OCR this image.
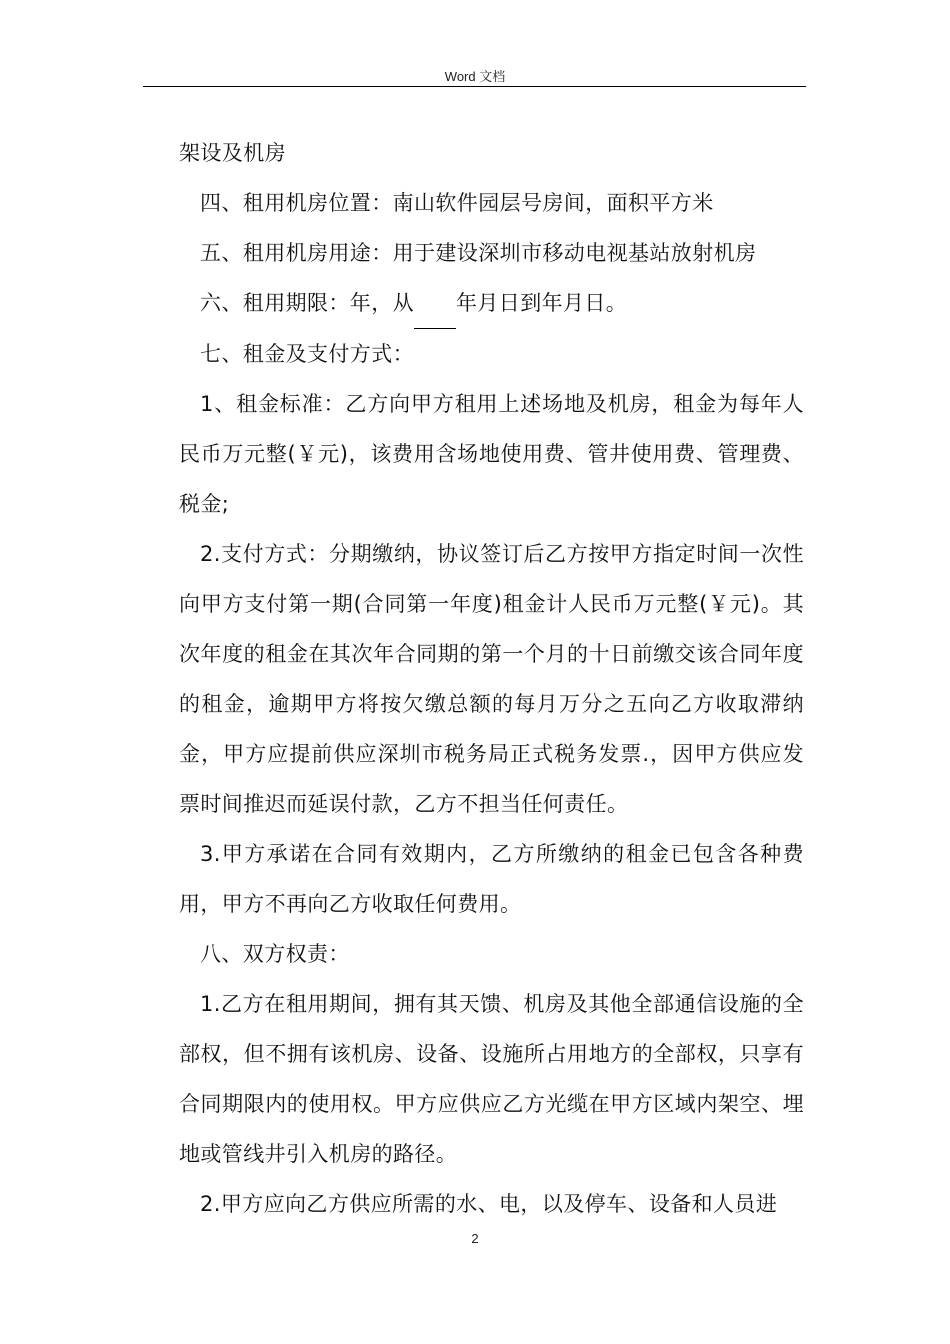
Word 文档

架设及机房

四、租用机房位置：南山软件园层号房间，面积平方米

五、租用机房用途：用于建设深圳市移动电视基站放射机房

六、租用期限：年，从 年月日到年月日。

七、租金及支付方式：

1、租金标准：乙方向甲方租用上述场地及机房，租金为每年人民币万元整(￥元)，该费用含场地使用费、管井使用费、管理费、税金;

2.支付方式：分期缴纳，协议签订后乙方按甲方指定时间一次性向甲方支付第一期(合同第一年度)租金计人民币万元整(￥元)。其次年度的租金在其次年合同期的第一个月的十日前缴交该合同年度的租金，逾期甲方将按欠缴总额的每月万分之五向乙方收取滞纳金，甲方应提前供应深圳市税务局正式税务发票.，因甲方供应发票时间推迟而延误付款，乙方不担当任何责任。

3.甲方承诺在合同有效期内，乙方所缴纳的租金已包含各种费用，甲方不再向乙方收取任何费用。

八、双方权责：

1.乙方在租用期间，拥有其天馈、机房及其他全部通信设施的全部权，但不拥有该机房、设备、设施所占用地方的全部权，只享有合同期限内的使用权。甲方应供应乙方光缆在甲方区域内架空、埋地或管线井引入机房的路径。

2.甲方应向乙方供应所需的水、电，以及停车、设备和人员进

2
